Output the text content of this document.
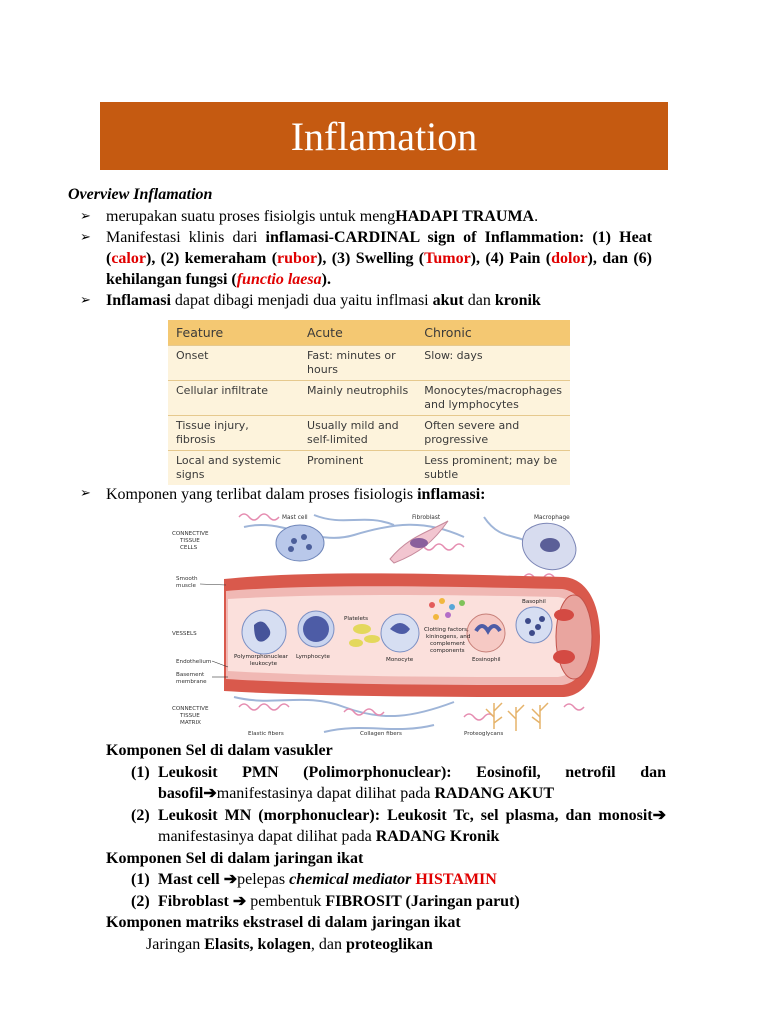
Inflamation
Overview Inflamation
➢ merupakan suatu proses fisiolgis untuk mengHADAPI TRAUMA.
➢ Manifestasi klinis dari inflamasi-CARDINAL sign of Inflammation: (1) Heat (calor), (2) kemeraham (rubor), (3) Swelling (Tumor), (4) Pain (dolor), dan (6) kehilangan fungsi (functio laesa).
➢ Inflamasi dapat dibagi menjadi dua yaitu inflmasi akut dan kronik
Feature	Acute	Chronic
Onset	Fast: minutes or hours	Slow: days
Cellular infiltrate	Mainly neutrophils	Monocytes/macrophages and lymphocytes
Tissue injury, fibrosis	Usually mild and self-limited	Often severe and progressive
Local and systemic signs	Prominent	Less prominent; may be subtle
➢ Komponen yang terlibat dalam proses fisiologis inflamasi:
CONNECTIVE
TISSUE
CELLS
Smooth
muscle
VESSELS
Endothelium
Basement
membrane
CONNECTIVE
TISSUE
MATRIX
Mast cell	Fibroblast	Macrophage
Polymorphonuclear
leukocyte
Lymphocyte
Platelets
Monocyte
Clotting factors,
kininogens, and
complement
components
Eosinophil
Basophil
Elastic fibers	Collagen fibers	Proteoglycans
Komponen Sel di dalam vasukler
(1) Leukosit PMN (Polimorphonuclear): Eosinofil, netrofil dan basofil➔manifestasinya dapat dilihat pada RADANG AKUT
(2) Leukosit MN (morphonuclear): Leukosit Tc, sel plasma, dan monosit➔ manifestasinya dapat dilihat pada RADANG Kronik
Komponen Sel di dalam jaringan ikat
(1) Mast cell ➔pelepas chemical mediator HISTAMIN
(2) Fibroblast ➔ pembentuk FIBROSIT (Jaringan parut)
Komponen matriks ekstrasel di dalam jaringan ikat
Jaringan Elasits, kolagen, dan proteoglikan
